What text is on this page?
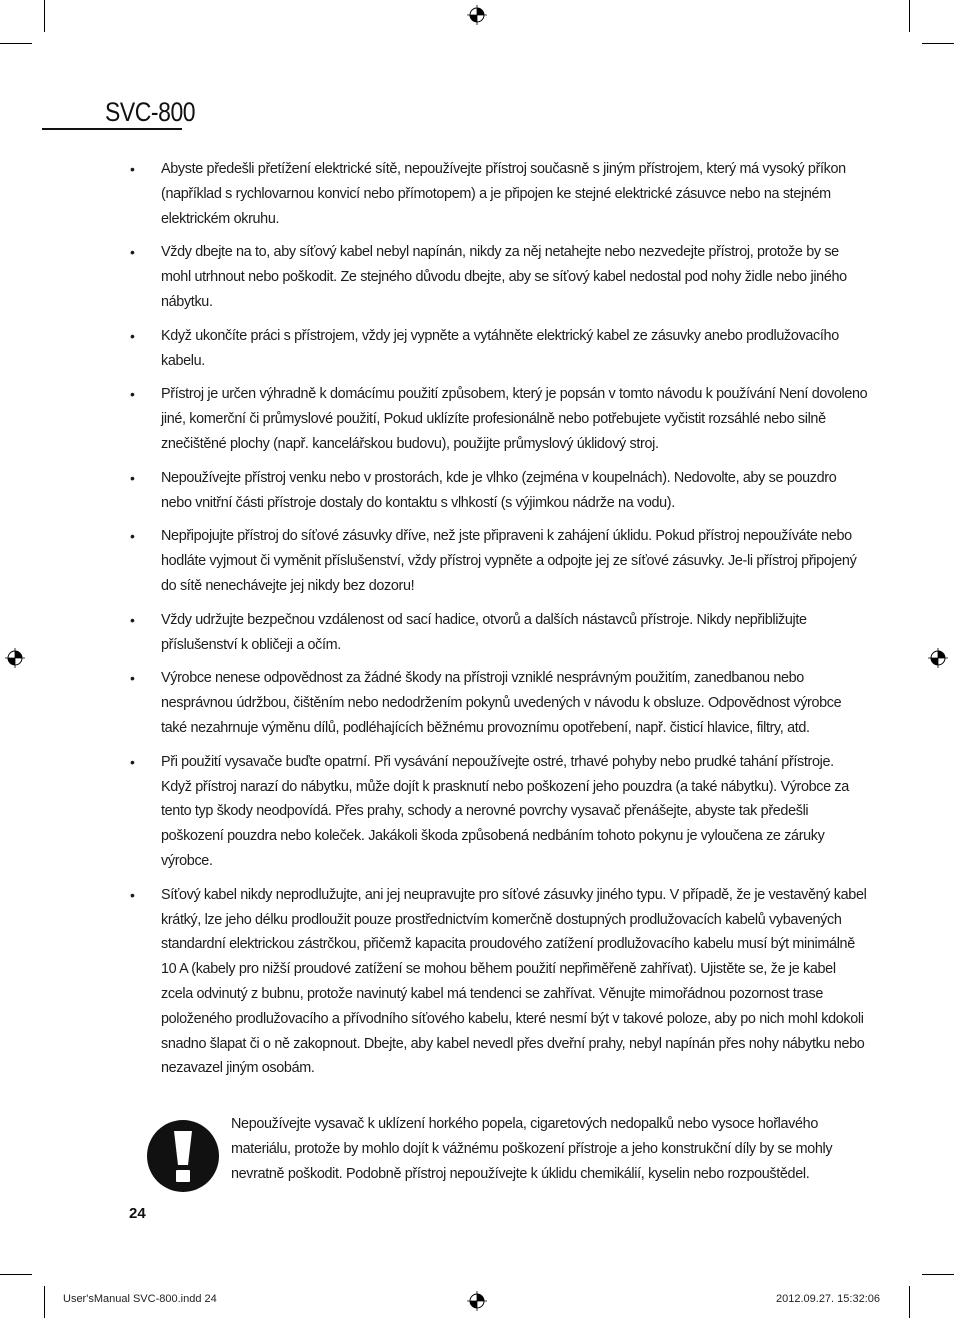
SVC-800
• Abyste předešli přetížení elektrické sítě, nepoužívejte přístroj současně s jiným přístrojem, který má vysoký příkon (například s rychlovarnou konvicí nebo přímotopem) a je připojen ke stejné elektrické zásuvce nebo na stejném elektrickém okruhu.
• Vždy dbejte na to, aby síťový kabel nebyl napínán, nikdy za něj netahejte nebo nezvedejte přístroj, protože by se mohl utrhnout nebo poškodit. Ze stejného důvodu dbejte, aby se síťový kabel nedostal pod nohy židle nebo jiného nábytku.
• Když ukončíte práci s přístrojem, vždy jej vypněte a vytáhněte elektrický kabel ze zásuvky anebo prodlužovacího kabelu.
• Přístroj je určen výhradně k domácímu použití způsobem, který je popsán v tomto návodu k používání Není dovoleno jiné, komerční či průmyslové použití, Pokud uklízíte profesionálně nebo potřebujete vyčistit rozsáhlé nebo silně znečištěné plochy (např. kancelářskou budovu), použijte průmyslový úklidový stroj.
• Nepoužívejte přístroj venku nebo v prostorách, kde je vlhko (zejména v koupelnách). Nedovolte, aby se pouzdro nebo vnitřní části přístroje dostaly do kontaktu s vlhkostí (s výjimkou nádrže na vodu).
• Nepřipojujte přístroj do síťové zásuvky dříve, než jste připraveni k zahájení úklidu. Pokud přístroj nepoužíváte nebo hodláte vyjmout či vyměnit příslušenství, vždy přístroj vypněte a odpojte jej ze síťové zásuvky. Je-li přístroj připojený do sítě nenechávejte jej nikdy bez dozoru!
• Vždy udržujte bezpečnou vzdálenost od sací hadice, otvorů a dalších nástavců přístroje. Nikdy nepřibližujte příslušenství k obličeji a očím.
• Výrobce nenese odpovědnost za žádné škody na přístroji vzniklé nesprávným použitím, zanedbanou nebo nesprávnou údržbou, čištěním nebo nedodržením pokynů uvedených v návodu k obsluze. Odpovědnost výrobce také nezahrnuje výměnu dílů, podléhajících běžnému provoznímu opotřebení, např. čisticí hlavice, filtry, atd.
• Při použití vysavače buďte opatrní. Při vysávání nepoužívejte ostré, trhavé pohyby nebo prudké tahání přístroje. Když přístroj narazí do nábytku, může dojít k prasknutí nebo poškození jeho pouzdra (a také nábytku). Výrobce za tento typ škody neodpovídá. Přes prahy, schody a nerovné povrchy vysavač přenášejte, abyste tak předešli poškození pouzdra nebo koleček. Jakákoli škoda způsobená nedbáním tohoto pokynu je vyloučena ze záruky výrobce.
• Síťový kabel nikdy neprodlužujte, ani jej neupravujte pro síťové zásuvky jiného typu. V případě, že je vestavěný kabel krátký, lze jeho délku prodloužit pouze prostřednictvím komerčně dostupných prodlužovacích kabelů vybavených standardní elektrickou zástrčkou, přičemž kapacita proudového zatížení prodlužovacího kabelu musí být minimálně 10 A (kabely pro nižší proudové zatížení se mohou během použití nepřiměřeně zahřívat). Ujistěte se, že je kabel zcela odvinutý z bubnu, protože navinutý kabel má tendenci se zahřívat. Věnujte mimořádnou pozornost trase položeného prodlužovacího a přívodního síťového kabelu, které nesmí být v takové poloze, aby po nich mohl kdokoli snadno šlapat či o ně zakopnout. Dbejte, aby kabel nevedl přes dveřní prahy, nebyl napínán přes nohy nábytku nebo nezavazel jiným osobám.
Nepoužívejte vysavač k uklízení horkého popela, cigaretových nedopalků nebo vysoce hořlavého materiálu, protože by mohlo dojít k vážnému poškození přístroje a jeho konstrukční díly by se mohly nevratně poškodit. Podobně přístroj nepoužívejte k úklidu chemikálií, kyselin nebo rozpouštědel.
24
User'sManual SVC-800.indd 24	2012.09.27. 15:32:06
